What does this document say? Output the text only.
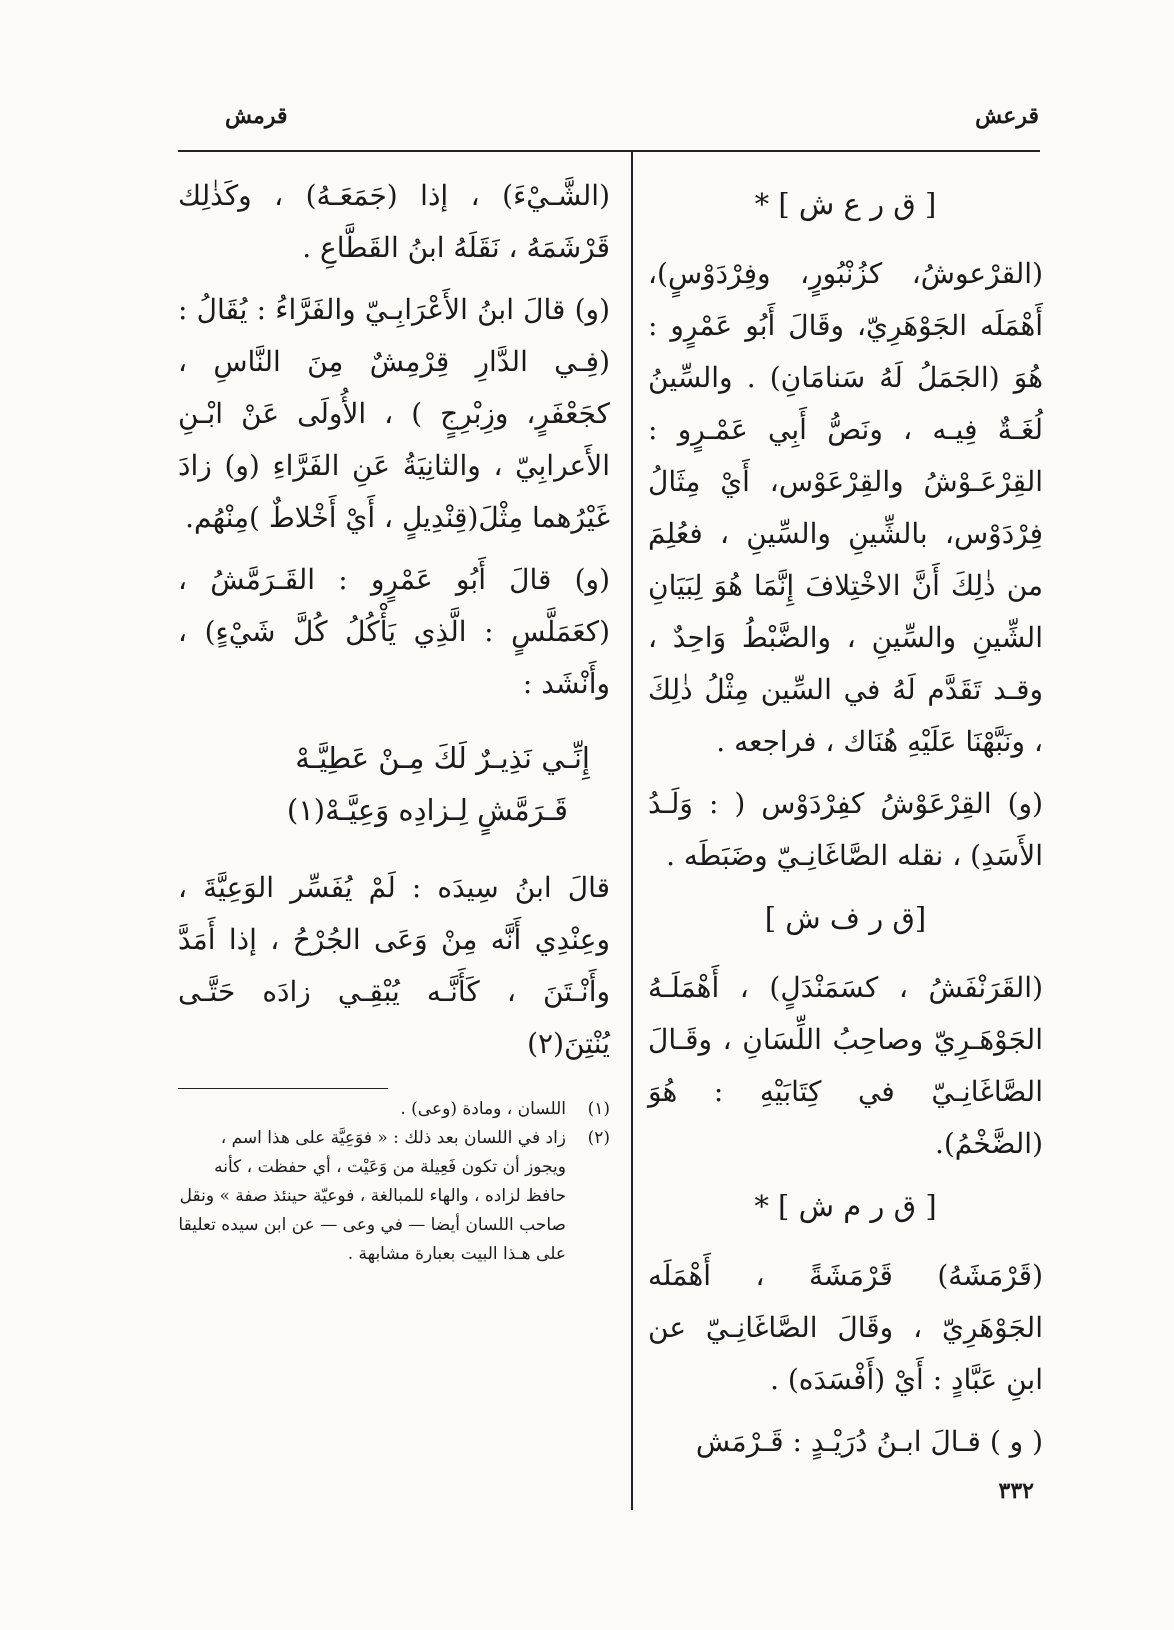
قرعش
قرمش
[ ق ر ع ش ] *

(القرْعوشُ، كزُنْبُورٍ، وفِرْدَوْسٍ)، أَهْمَلَه الجَوْهَرِيّ، وقَالَ أَبُو عَمْرٍو : هُوَ (الجَمَلُ لَهُ سَنامَانِ) . والسِّينُ لُغَـةٌ فِيـه ، ونَصُّ أَبِي عَمْـرٍو : القِرْعَـوْشُ والقِرْعَوْس، أَيْ مِثَالُ فِرْدَوْس، بالشِّينِ والسِّينِ ، فعُلِمَ من ذٰلِكَ أَنَّ الاخْتِلافَ إِنَّمَا هُوَ لِبَيَانِ الشِّينِ والسِّينِ ، والضَّبْطُ وَاحِدٌ ، وقـد تَقَدَّم لَهُ في السِّين مِثْلُ ذٰلِكَ ، ونَبَّهْنَا عَلَيْهِ هُنَاك ، فراجعه .

(و) القِرْعَوْشُ كفِرْدَوْس ( : وَلَـدُ الأَسَدِ) ، نقله الصَّاغَانِـيّ وضَبَطَه .

[ق ر ف ش ]

(القَرَنْفَشُ ، كسَمَنْدَلٍ) ، أَهْمَلَـهُ الجَوْهَـرِيّ وصاحِبُ اللِّسَانِ ، وقَـالَ الصَّاغَانِـيّ في كِتَابَيْهِ : هُوَ (الضَّخْمُ).

[ ق ر م ش ] *

(قَرْمَشَهُ) قَرْمَشَةً ، أَهْمَلَه الجَوْهَرِيّ ، وقَالَ الصَّاغَانِـيّ عن ابنِ عَبَّادٍ : أَيْ (أَفْسَدَه) .

( و ) قـالَ ابـنُ دُرَيْـدٍ : قَـرْمَش

(الشَّـيْءَ) ، إذا (جَمَعَـهُ) ، وكَذٰلِك قَرْشَمَهُ ، نَقَلَهُ ابنُ القَطَّاعِ .

(و) قالَ ابنُ الأَعْرَابِـيّ والفَرَّاءُ : يُقَالُ :(فِـي الدَّارِ قِرْمِشٌ مِنَ النَّاسِ ، كجَعْفَرٍ، وزِبْرِجٍ ) ، الأُولَى عَنْ ابْـنِ الأَعرابِيّ ، والثانِيَةُ عَنِ الفَرَّاءِ (و) زادَ غَيْرُهما مِثْلَ(قِنْدِيلٍ ، أَيْ أَخْلاطٌ )مِنْهُم.

(و) قالَ أَبُو عَمْرٍو : القَـرَمَّشُ ، (كعَمَلَّسٍ : الَّذِي يَأْكُلُ كُلَّ شَيْءٍ) ، وأَنْشَد :

إِنِّـي نَذِيـرٌ لَكَ مِـنْ عَطِيَّـهْ
قَـرَمَّشٍ لِـزادِه وَعِيَّـهْ(١)

قالَ ابنُ سِيدَه : لَمْ يُفَسِّر الوَعِيَّةَ ، وعِنْدِي أَنَّه مِنْ وَعَى الجُرْحُ ، إذا أَمَدَّ وأَنْـتَنَ ، كَأَنَّـه يُبْقِـي زادَه حَتَّـى يُنْتِنَ(٢)

(١)
اللسان ، ومادة (وعى) .
(٢)
زاد في اللسان بعد ذلك : « فوَعِيَّة على هذا اسم ، ويجوز أن تكون فَعِيلة من وَعَيْت ، أي حفظت ، كأنه حافظ لزاده ، والهاء للمبالغة ، فوعيّة حينئذ صفة » ونقل صاحب اللسان أيضا — في وعى — عن ابن سيده تعليقا على هـذا البيت بعبارة مشابهة .
٣٣٢
